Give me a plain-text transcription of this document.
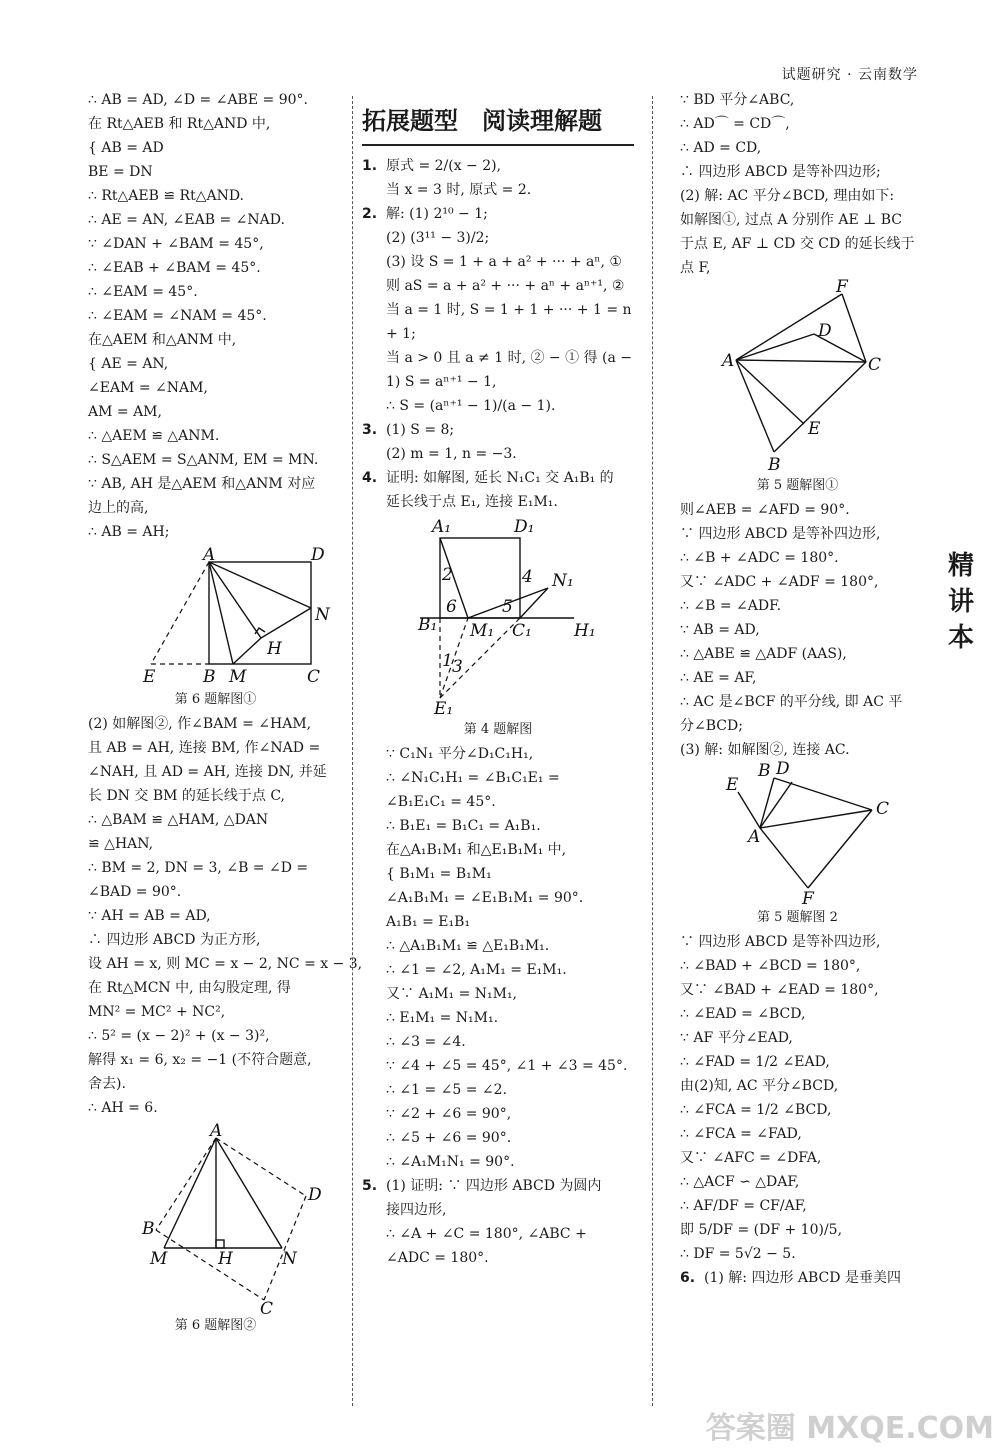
试题研究 · 云南数学
精讲本
∴ AB = AD, ∠D = ∠ABE = 90°.
在 Rt△AEB 和 Rt△AND 中,
{ AB = AD
BE = DN
∴ Rt△AEB ≌ Rt△AND.
∴ AE = AN, ∠EAB = ∠NAD.
∵ ∠DAN + ∠BAM = 45°,
∴ ∠EAB + ∠BAM = 45°.
∴ ∠EAM = 45°.
∴ ∠EAM = ∠NAM = 45°.
在△AEM 和△ANM 中,
{ AE = AN,
∠EAM = ∠NAM,
AM = AM,
∴ △AEM ≌ △ANM.
∴ S△AEM = S△ANM, EM = MN.
∵ AB, AH 是△AEM 和△ANM 对应
边上的高,
∴ AB = AH;
A	D
N
H
E	B M	C
第 6 题解图①
(2) 如解图②, 作∠BAM = ∠HAM,
且 AB = AH, 连接 BM, 作∠NAD =
∠NAH, 且 AD = AH, 连接 DN, 并延
长 DN 交 BM 的延长线于点 C,
∴ △BAM ≌ △HAM, △DAN
≌ △HAN,
∴ BM = 2, DN = 3, ∠B = ∠D =
∠BAD = 90°.
∵ AH = AB = AD,
∴ 四边形 ABCD 为正方形,
设 AH = x, 则 MC = x − 2, NC = x − 3,
在 Rt△MCN 中, 由勾股定理, 得
MN² = MC² + NC²,
∴ 5² = (x − 2)² + (x − 3)²,
解得 x₁ = 6, x₂ = −1 (不符合题意,
舍去).
∴ AH = 6.
A
D
B
M	H	N
C
第 6 题解图②
拓展题型　阅读理解题
1. 原式 = 2/(x − 2),
当 x = 3 时, 原式 = 2.
2. 解: (1) 2¹⁰ − 1;
(2) (3¹¹ − 3)/2;
(3) 设 S = 1 + a + a² + ··· + aⁿ, ①
则 aS = a + a² + ··· + aⁿ + aⁿ⁺¹, ②
当 a = 1 时, S = 1 + 1 + ··· + 1 = n
+ 1;
当 a > 0 且 a ≠ 1 时, ② − ① 得 (a −
1) S = aⁿ⁺¹ − 1,
∴ S = (aⁿ⁺¹ − 1)/(a − 1).
3. (1) S = 8;
(2) m = 1, n = −3.
4. 证明: 如解图, 延长 N₁C₁ 交 A₁B₁ 的
延长线于点 E₁, 连接 E₁M₁.
A₁	D₁
2	4 N₁
6	5
B₁ M₁ C₁ H₁
1 3
E₁
第 4 题解图
∵ C₁N₁ 平分∠D₁C₁H₁,
∴ ∠N₁C₁H₁ = ∠B₁C₁E₁ =
∠B₁E₁C₁ = 45°.
∴ B₁E₁ = B₁C₁ = A₁B₁.
在△A₁B₁M₁ 和△E₁B₁M₁ 中,
{ B₁M₁ = B₁M₁
∠A₁B₁M₁ = ∠E₁B₁M₁ = 90°.
A₁B₁ = E₁B₁
∴ △A₁B₁M₁ ≌ △E₁B₁M₁.
∴ ∠1 = ∠2, A₁M₁ = E₁M₁.
又∵ A₁M₁ = N₁M₁,
∴ E₁M₁ = N₁M₁.
∴ ∠3 = ∠4.
∵ ∠4 + ∠5 = 45°, ∠1 + ∠3 = 45°.
∴ ∠1 = ∠5 = ∠2.
∵ ∠2 + ∠6 = 90°,
∴ ∠5 + ∠6 = 90°.
∴ ∠A₁M₁N₁ = 90°.
5. (1) 证明: ∵ 四边形 ABCD 为圆内
接四边形,
∴ ∠A + ∠C = 180°, ∠ABC +
∠ADC = 180°.
∵ BD 平分∠ABC,
∴ AD⌒ = CD⌒,
∴ AD = CD,
∴ 四边形 ABCD 是等补四边形;
(2) 解: AC 平分∠BCD, 理由如下:
如解图①, 过点 A 分别作 AE ⊥ BC
于点 E, AF ⊥ CD 交 CD 的延长线于
点 F,
F
D
A	C
E
B
第 5 题解图①
则∠AEB = ∠AFD = 90°.
∵ 四边形 ABCD 是等补四边形,
∴ ∠B + ∠ADC = 180°.
又∵ ∠ADC + ∠ADF = 180°,
∴ ∠B = ∠ADF.
∵ AB = AD,
∴ △ABE ≌ △ADF (AAS),
∴ AE = AF,
∴ AC 是∠BCF 的平分线, 即 AC 平
分∠BCD;
(3) 解: 如解图②, 连接 AC.
B D
E
C
A
F
第 5 题解图 2
∵ 四边形 ABCD 是等补四边形,
∴ ∠BAD + ∠BCD = 180°,
又∵ ∠BAD + ∠EAD = 180°,
∴ ∠EAD = ∠BCD,
∵ AF 平分∠EAD,
∴ ∠FAD = 1/2 ∠EAD,
由(2)知, AC 平分∠BCD,
∴ ∠FCA = 1/2 ∠BCD,
∴ ∠FCA = ∠FAD,
又∵ ∠AFC = ∠DFA,
∴ △ACF ∽ △DAF,
∴ AF/DF = CF/AF,
即 5/DF = (DF + 10)/5,
∴ DF = 5√2 − 5.
6. (1) 解: 四边形 ABCD 是垂美四
答案圈 MXQE.COM
